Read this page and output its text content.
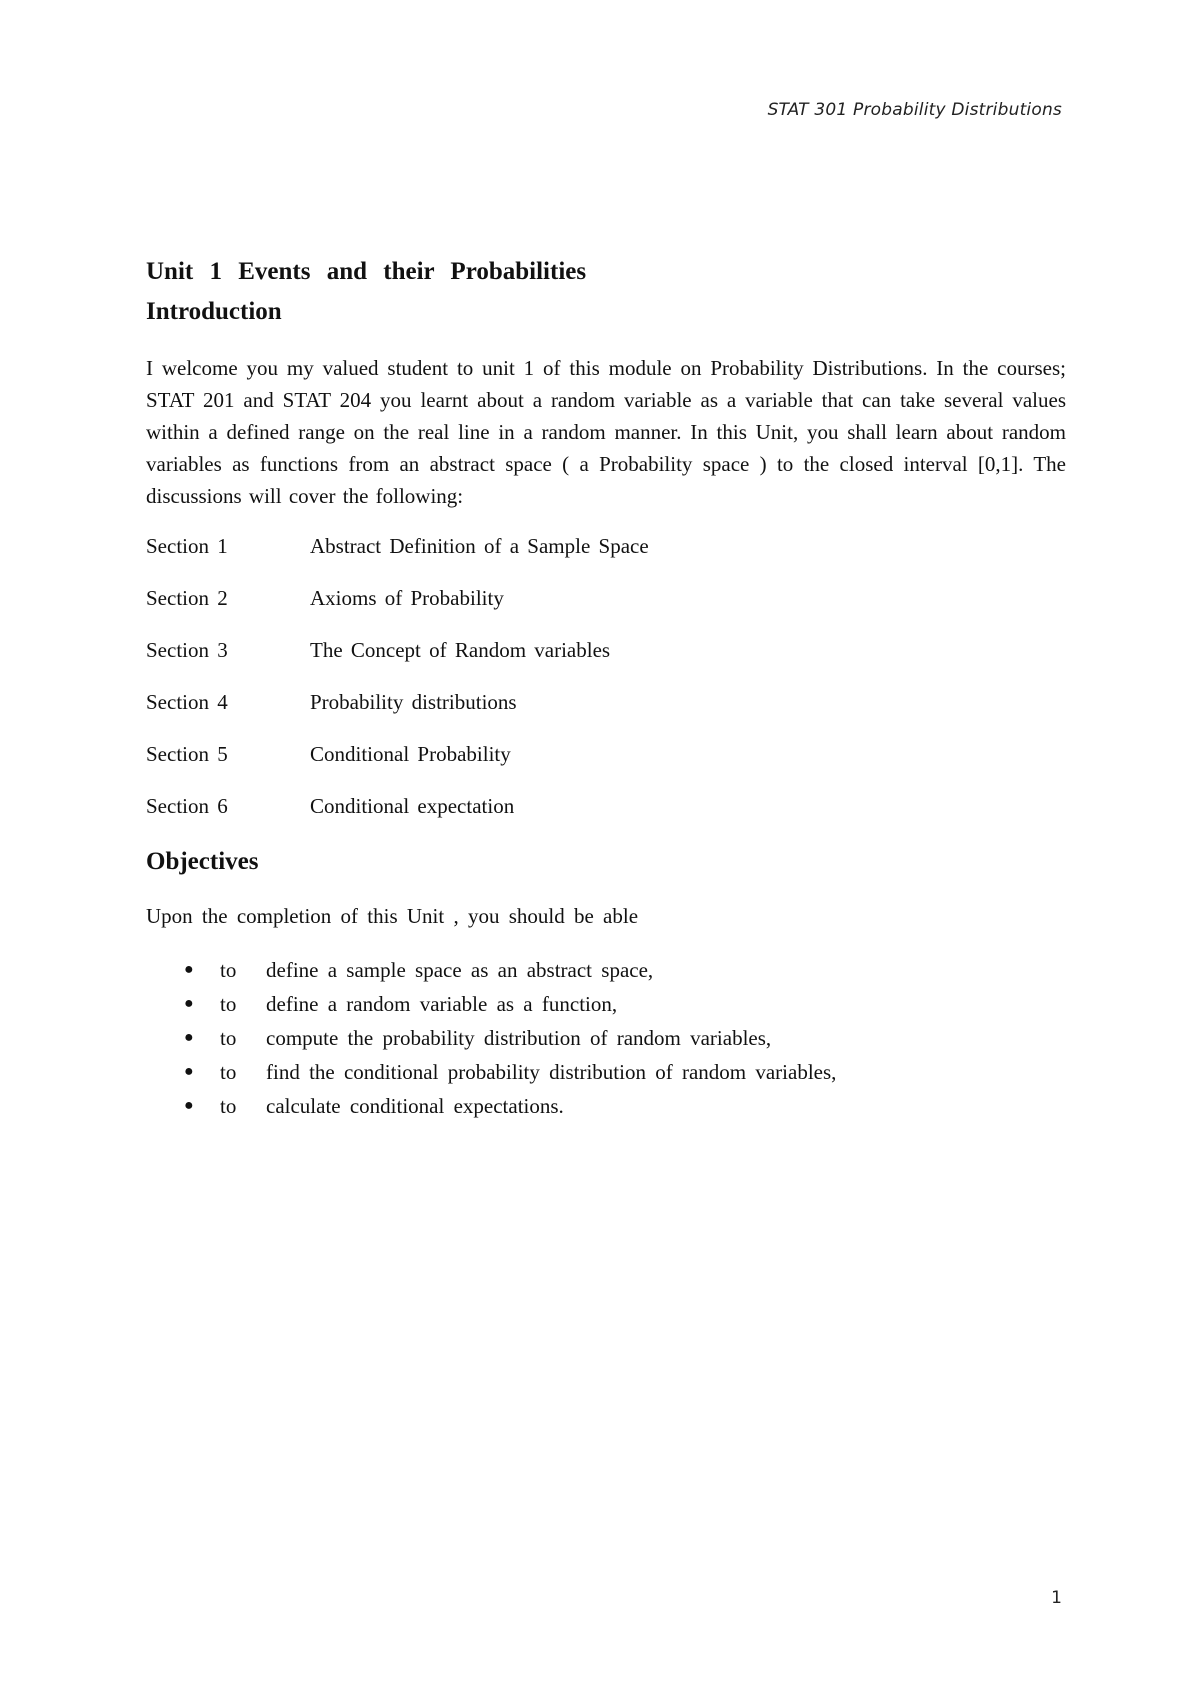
STAT 301 Probability Distributions
Unit 1 Events and their Probabilities
Introduction

I welcome you my valued student to unit 1 of this module on Probability Distributions. In the courses; STAT 201 and STAT 204 you learnt about a random variable as a variable that can take several values within a defined range on the real line in a random manner. In this Unit, you shall learn about random variables as functions from an abstract space ( a Probability space ) to the closed interval [0,1]. The discussions will cover the following:

Section 1	Abstract Definition of a Sample Space
Section 2	Axioms of Probability
Section 3	The Concept of Random variables
Section 4	Probability distributions
Section 5	Conditional Probability
Section 6	Conditional expectation
Objectives

Upon the completion of this Unit , you should be able

●	to	define a sample space as an abstract space,
●	to	define a random variable as a function,
●	to	compute the probability distribution of random variables,
●	to	find the conditional probability distribution of random variables,
●	to	calculate conditional expectations.
1
